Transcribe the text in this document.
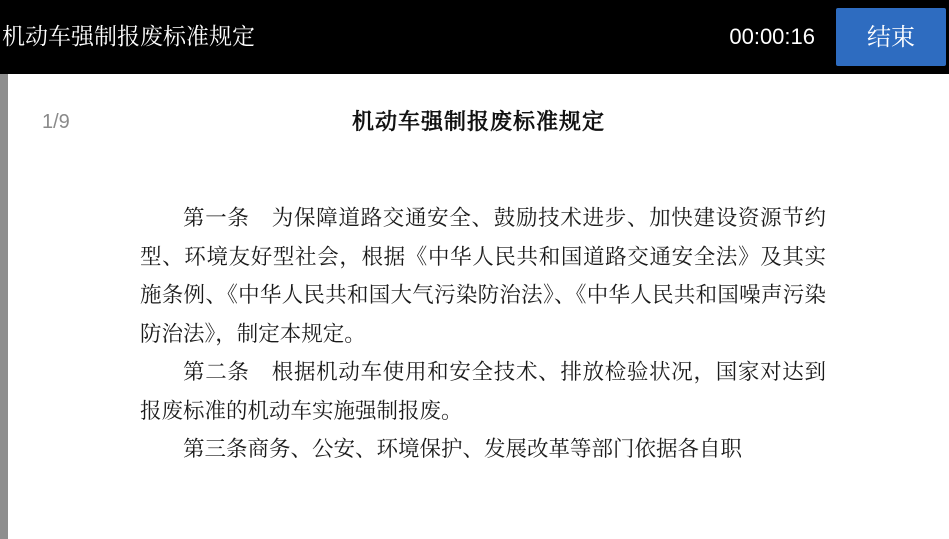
机动车强制报废标准规定	00:00:16	结束
1/9	机动车强制报废标准规定

第一条　为保障道路交通安全、鼓励技术进步、加快建设资源节约型、环境友好型社会，根据《中华人民共和国道路交通安全法》及其实施条例、《中华人民共和国大气污染防治法》、《中华人民共和国噪声污染防治法》，制定本规定。

第二条　根据机动车使用和安全技术、排放检验状况，国家对达到报废标准的机动车实施强制报废。

第三条商务、公安、环境保护、发展改革等部门依据各自职
